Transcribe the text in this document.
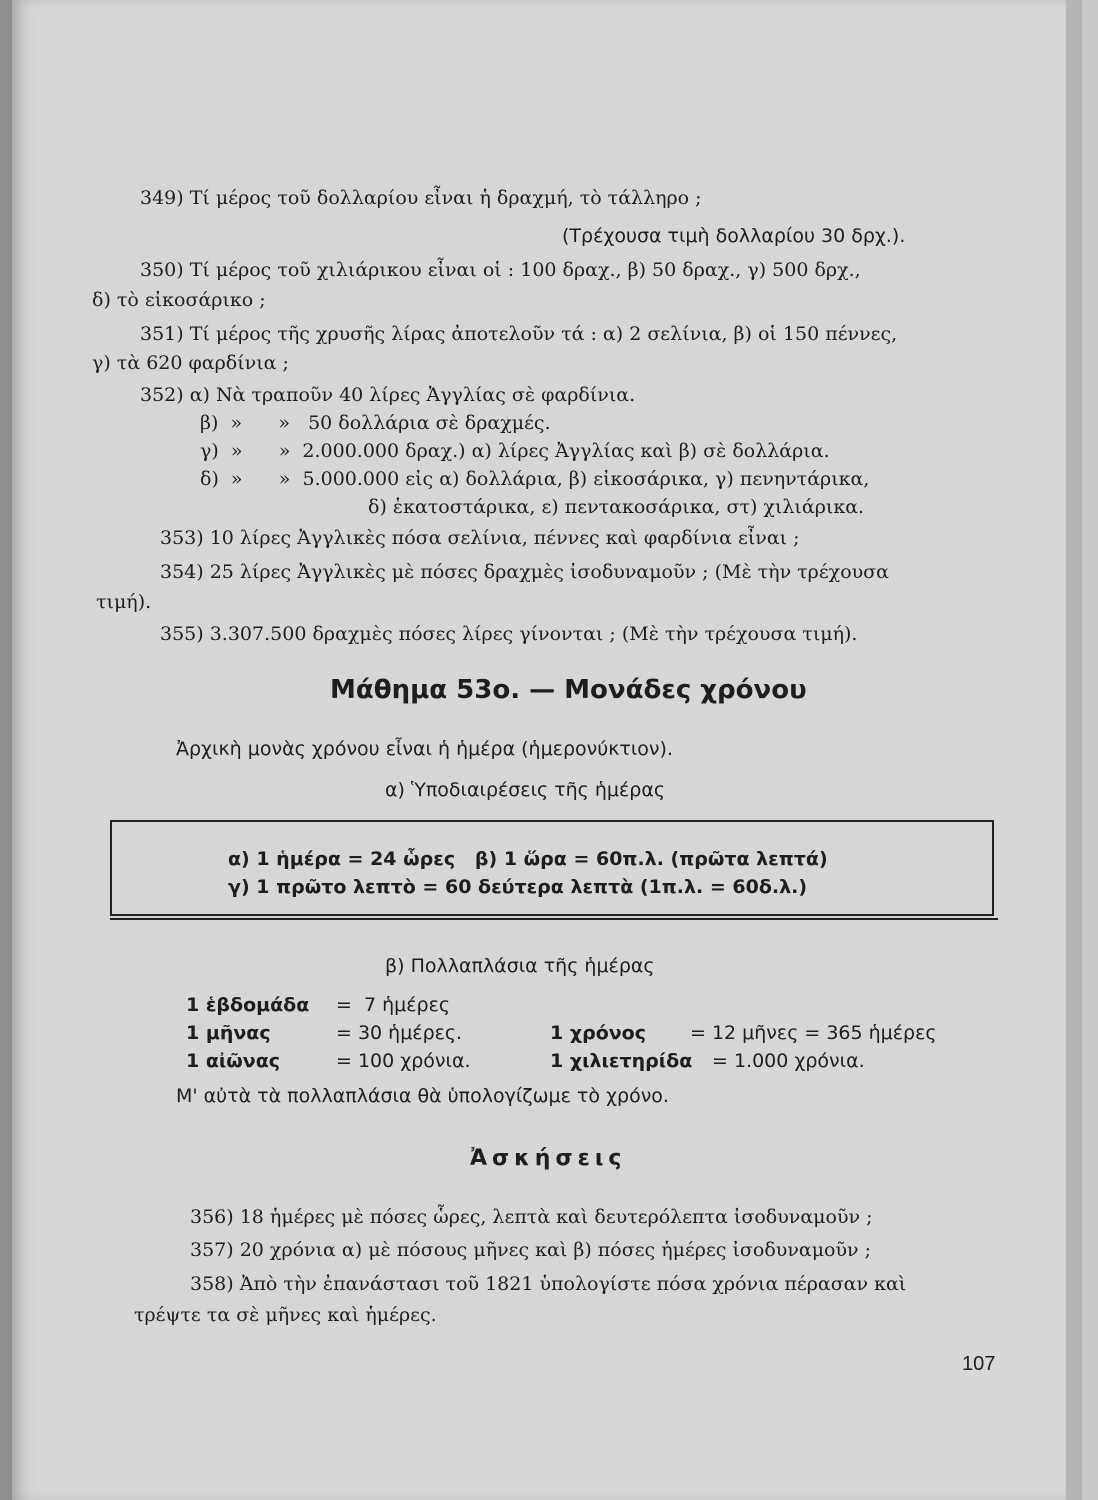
349) Τί μέρος τοῦ δολλαρίου εἶναι ἡ δραχμή, τὸ τάλληρο ;
(Τρέχουσα τιμὴ δολλαρίου 30 δρχ.).
350) Τί μέρος τοῦ χιλιάρικου εἶναι οἱ : 100 δραχ., β) 50 δραχ., γ) 500 δρχ.,
δ) τὸ εἰκοσάρικο ;
351) Τί μέρος τῆς χρυσῆς λίρας ἀποτελοῦν τά : α) 2 σελίνια, β) οἱ 150 πέννες,
γ) τὰ 620 φαρδίνια ;
352) α) Νὰ τραποῦν 40 λίρες Ἀγγλίας σὲ φαρδίνια.
β)  »      »   50 δολλάρια σὲ δραχμές.
γ)  »      »  2.000.000 δραχ.) α) λίρες Ἀγγλίας καὶ β) σὲ δολλάρια.
δ)  »      »  5.000.000 εἰς α) δολλάρια, β) εἰκοσάρικα, γ) πενηντάρικα,
δ) ἑκατοστάρικα, ε) πεντακοσάρικα, στ) χιλιάρικα.
353) 10 λίρες Ἀγγλικὲς πόσα σελίνια, πέννες καὶ φαρδίνια εἶναι ;
354) 25 λίρες Ἀγγλικὲς μὲ πόσες δραχμὲς ἰσοδυναμοῦν ; (Μὲ τὴν τρέχουσα
τιμή).
355) 3.307.500 δραχμὲς πόσες λίρες γίνονται ; (Μὲ τὴν τρέχουσα τιμή).
Μάθημα 53ο. — Μονάδες χρόνου
Ἀρχικὴ μονὰς χρόνου εἶναι ἡ ἡμέρα (ἡμερονύκτιον).
α) Ὑποδιαιρέσεις τῆς ἡμέρας
α) 1 ἡμέρα = 24 ὧρες   β) 1 ὥρα = 60π.λ. (πρῶτα λεπτά)
γ) 1 πρῶτο λεπτὸ = 60 δεύτερα λεπτὰ (1π.λ. = 60δ.λ.)
β) Πολλαπλάσια τῆς ἡμέρας
1 ἑβδομάδα =  7 ἡμέρες
1 μῆνας	= 30 ἡμέρες.	1 χρόνος = 12 μῆνες = 365 ἡμέρες
1 αἰῶνας	= 100 χρόνια.	1 χιλιετηρίδα = 1.000 χρόνια.
Μ' αὐτὰ τὰ πολλαπλάσια θὰ ὑπολογίζωμε τὸ χρόνο.
Ἀσκήσεις
356) 18 ἡμέρες μὲ πόσες ὧρες, λεπτὰ καὶ δευτερόλεπτα ἰσοδυναμοῦν ;
357) 20 χρόνια α) μὲ πόσους μῆνες καὶ β) πόσες ἡμέρες ἰσοδυναμοῦν ;
358) Ἀπὸ τὴν ἐπανάστασι τοῦ 1821 ὑπολογίστε πόσα χρόνια πέρασαν καὶ
τρέψτε τα σὲ μῆνες καὶ ἡμέρες.
107
